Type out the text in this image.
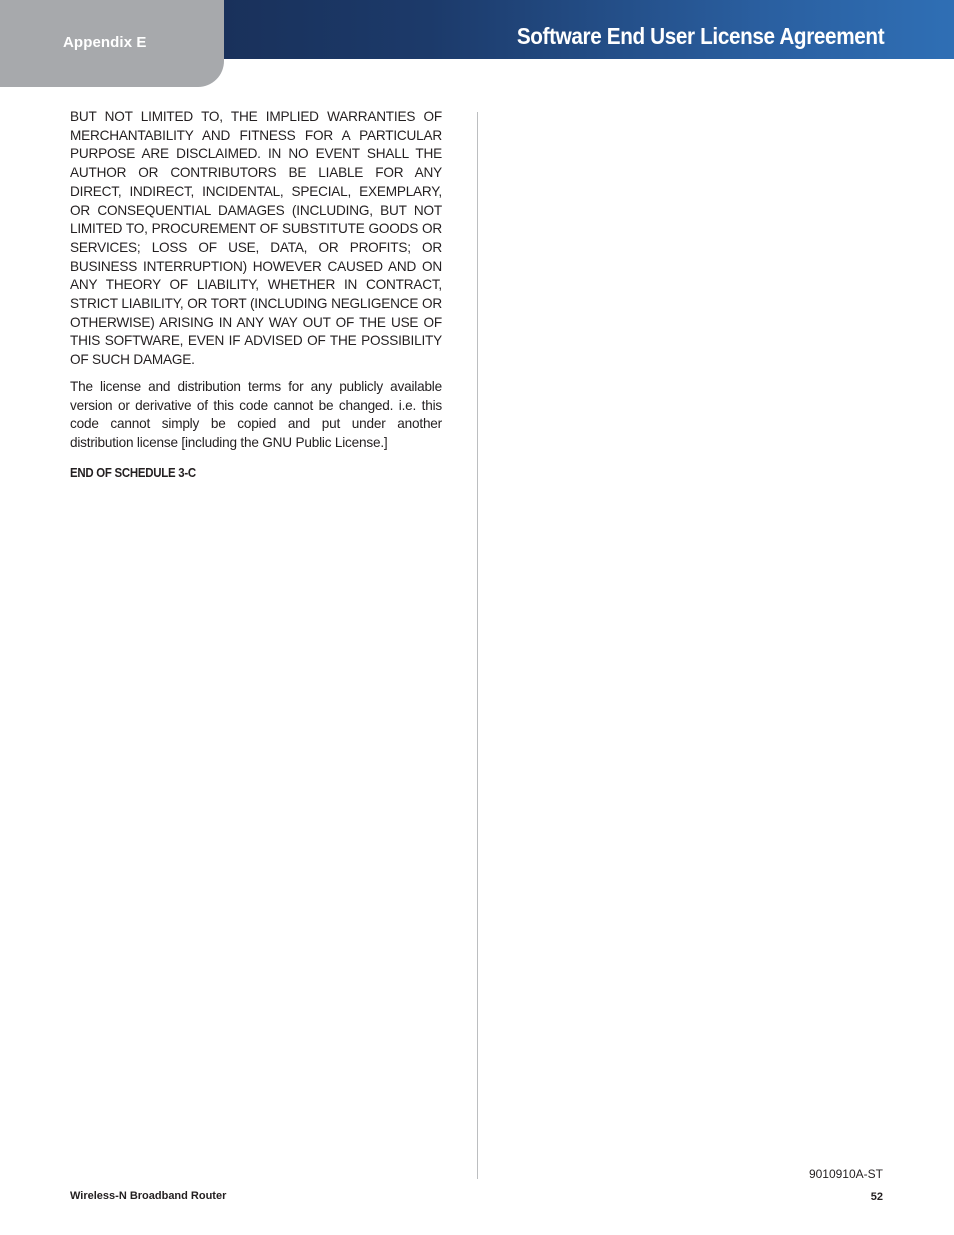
Appendix E	Software End User License Agreement

BUT NOT LIMITED TO, THE IMPLIED WARRANTIES OF MERCHANTABILITY AND FITNESS FOR A PARTICULAR PURPOSE ARE DISCLAIMED. IN NO EVENT SHALL THE AUTHOR OR CONTRIBUTORS BE LIABLE FOR ANY DIRECT, INDIRECT, INCIDENTAL, SPECIAL, EXEMPLARY, OR CONSEQUENTIAL DAMAGES (INCLUDING, BUT NOT LIMITED TO, PROCUREMENT OF SUBSTITUTE GOODS OR SERVICES; LOSS OF USE, DATA, OR PROFITS; OR BUSINESS INTERRUPTION) HOWEVER CAUSED AND ON ANY THEORY OF LIABILITY, WHETHER IN CONTRACT, STRICT LIABILITY, OR TORT (INCLUDING NEGLIGENCE OR OTHERWISE) ARISING IN ANY WAY OUT OF THE USE OF THIS SOFTWARE, EVEN IF ADVISED OF THE POSSIBILITY OF SUCH DAMAGE.

The license and distribution terms for any publicly available version or derivative of this code cannot be changed. i.e. this code cannot simply be copied and put under another distribution license [including the GNU Public License.]

END OF SCHEDULE 3-C
9010910A-ST
Wireless-N Broadband Router	52
